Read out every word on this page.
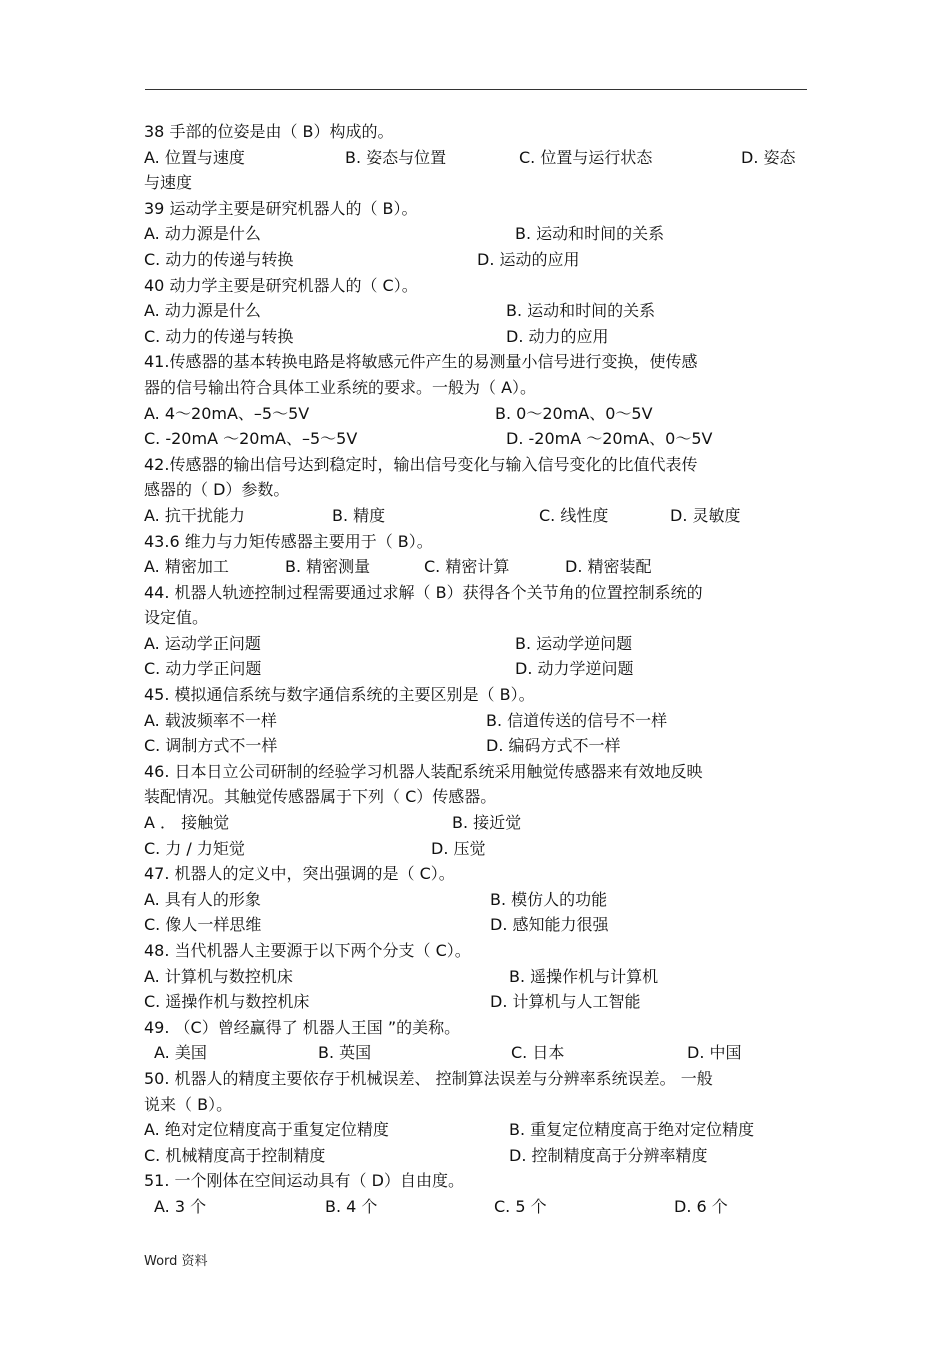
38 手部的位姿是由（ B）构成的。
A. 位置与速度	B. 姿态与位置	C. 位置与运行状态	D. 姿态
与速度
39 运动学主要是研究机器人的（ B）。
A. 动力源是什么	B. 运动和时间的关系
C. 动力的传递与转换	D. 运动的应用
40 动力学主要是研究机器人的（ C）。
A. 动力源是什么	B. 运动和时间的关系
C. 动力的传递与转换	D. 动力的应用
41.传感器的基本转换电路是将敏感元件产生的易测量小信号进行变换，使传感
器的信号输出符合具体工业系统的要求。一般为（ A）。
A. 4～20mA、–5～5V	B. 0～20mA、0～5V
C. -20mA ～20mA、–5～5V	D. -20mA ～20mA、0～5V
42.传感器的输出信号达到稳定时，输出信号变化与输入信号变化的比值代表传
感器的（ D）参数。
A. 抗干扰能力	B. 精度	C. 线性度	D. 灵敏度
43.6 维力与力矩传感器主要用于（ B）。
A. 精密加工	B. 精密测量	C. 精密计算	D. 精密装配
44. 机器人轨迹控制过程需要通过求解（ B）获得各个关节角的位置控制系统的
设定值。
A. 运动学正问题	B. 运动学逆问题
C. 动力学正问题	D. 动力学逆问题
45. 模拟通信系统与数字通信系统的主要区别是（ B）。
A. 载波频率不一样	B. 信道传送的信号不一样
C. 调制方式不一样	D. 编码方式不一样
46. 日本日立公司研制的经验学习机器人装配系统采用触觉传感器来有效地反映
装配情况。其触觉传感器属于下列（ C）传感器。
A ． 接触觉	B. 接近觉
C. 力 / 力矩觉	D. 压觉
47. 机器人的定义中，突出强调的是（ C）。
A. 具有人的形象	B. 模仿人的功能
C. 像人一样思维	D. 感知能力很强
48. 当代机器人主要源于以下两个分支（ C）。
A. 计算机与数控机床	B. 遥操作机与计算机
C. 遥操作机与数控机床	D. 计算机与人工智能
49. （C）曾经赢得了 机器人王国 ”的美称。
A. 美国	B. 英国	C. 日本	D. 中国
50. 机器人的精度主要依存于机械误差、 控制算法误差与分辨率系统误差。 一般
说来（ B）。
A. 绝对定位精度高于重复定位精度	B. 重复定位精度高于绝对定位精度
C. 机械精度高于控制精度	D. 控制精度高于分辨率精度
51. 一个刚体在空间运动具有（ D）自由度。
A. 3 个	B. 4 个	C. 5 个	D. 6 个
Word 资料
